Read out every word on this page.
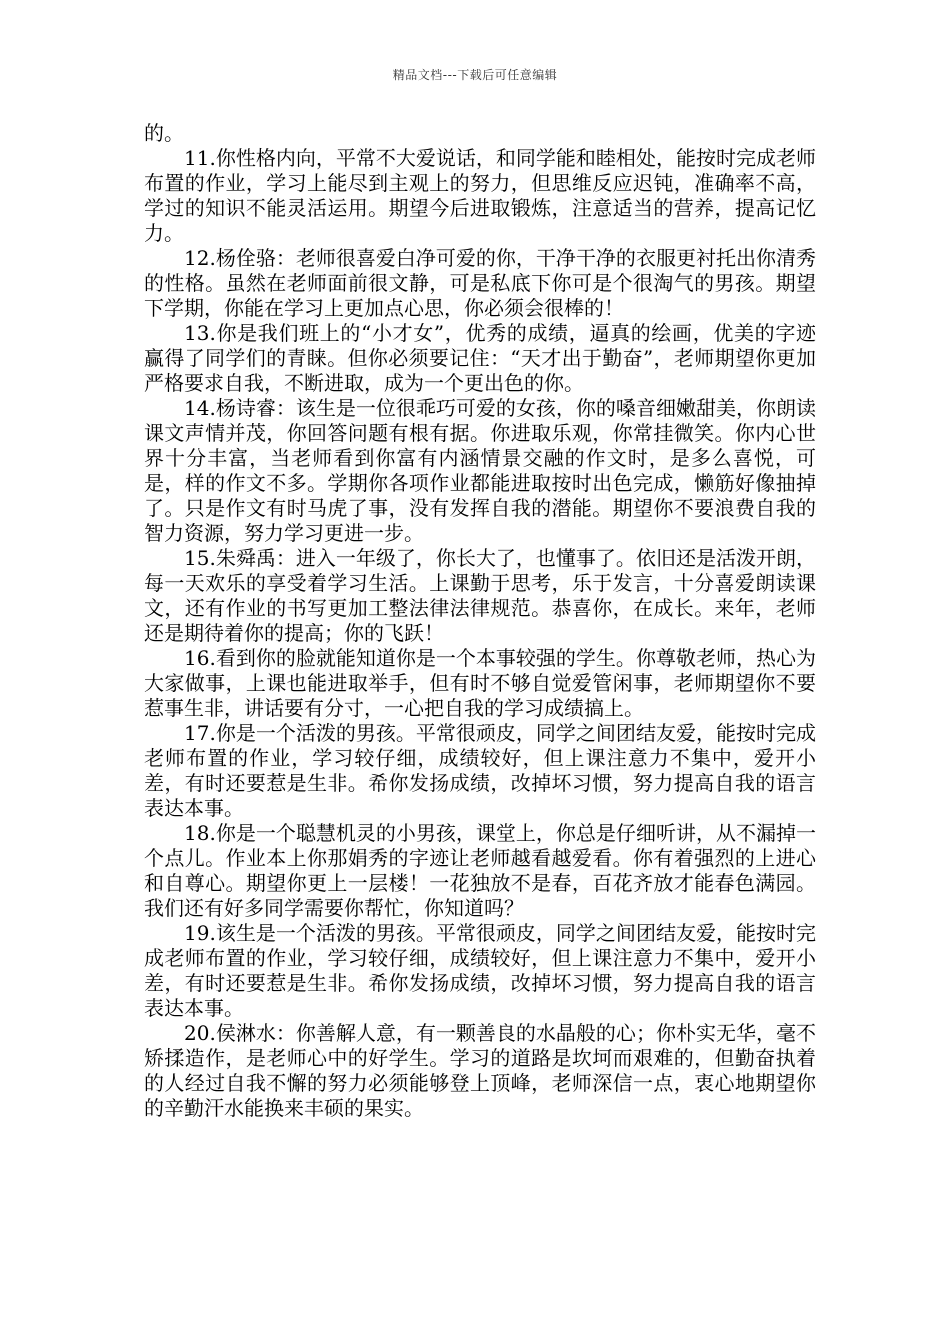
精品文档---下载后可任意编辑

的。

11.你性格内向，平常不大爱说话，和同学能和睦相处，能按时完成老师布置的作业，学习上能尽到主观上的努力，但思维反应迟钝，准确率不高，学过的知识不能灵活运用。期望今后进取锻炼，注意适当的营养，提高记忆力。

12.杨佺骆：老师很喜爱白净可爱的你，干净干净的衣服更衬托出你清秀的性格。虽然在老师面前很文静，可是私底下你可是个很淘气的男孩。期望下学期，你能在学习上更加点心思，你必须会很棒的！

13.你是我们班上的“小才女”，优秀的成绩，逼真的绘画，优美的字迹赢得了同学们的青睐。但你必须要记住：“天才出于勤奋”，老师期望你更加严格要求自我，不断进取，成为一个更出色的你。

14.杨诗睿：该生是一位很乖巧可爱的女孩，你的嗓音细嫩甜美，你朗读课文声情并茂，你回答问题有根有据。你进取乐观，你常挂微笑。你内心世界十分丰富，当老师看到你富有内涵情景交融的作文时，是多么喜悦，可是，样的作文不多。学期你各项作业都能进取按时出色完成，懒筋好像抽掉了。只是作文有时马虎了事，没有发挥自我的潜能。期望你不要浪费自我的智力资源，努力学习更进一步。

15.朱舜禹：进入一年级了，你长大了，也懂事了。依旧还是活泼开朗，每一天欢乐的享受着学习生活。上课勤于思考，乐于发言，十分喜爱朗读课文，还有作业的书写更加工整法律法律规范。恭喜你，在成长。来年，老师还是期待着你的提高；你的飞跃！

16.看到你的脸就能知道你是一个本事较强的学生。你尊敬老师，热心为大家做事，上课也能进取举手，但有时不够自觉爱管闲事，老师期望你不要惹事生非，讲话要有分寸，一心把自我的学习成绩搞上。

17.你是一个活泼的男孩。平常很顽皮，同学之间团结友爱，能按时完成老师布置的作业，学习较仔细，成绩较好，但上课注意力不集中，爱开小差，有时还要惹是生非。希你发扬成绩，改掉坏习惯，努力提高自我的语言表达本事。

18.你是一个聪慧机灵的小男孩，课堂上，你总是仔细听讲，从不漏掉一个点儿。作业本上你那娟秀的字迹让老师越看越爱看。你有着强烈的上进心和自尊心。期望你更上一层楼！一花独放不是春，百花齐放才能春色满园。我们还有好多同学需要你帮忙，你知道吗？

19.该生是一个活泼的男孩。平常很顽皮，同学之间团结友爱，能按时完成老师布置的作业，学习较仔细，成绩较好，但上课注意力不集中，爱开小差，有时还要惹是生非。希你发扬成绩，改掉坏习惯，努力提高自我的语言表达本事。

20.侯淋水：你善解人意，有一颗善良的水晶般的心；你朴实无华，毫不矫揉造作，是老师心中的好学生。学习的道路是坎坷而艰难的，但勤奋执着的人经过自我不懈的努力必须能够登上顶峰，老师深信一点，衷心地期望你的辛勤汗水能换来丰硕的果实。
